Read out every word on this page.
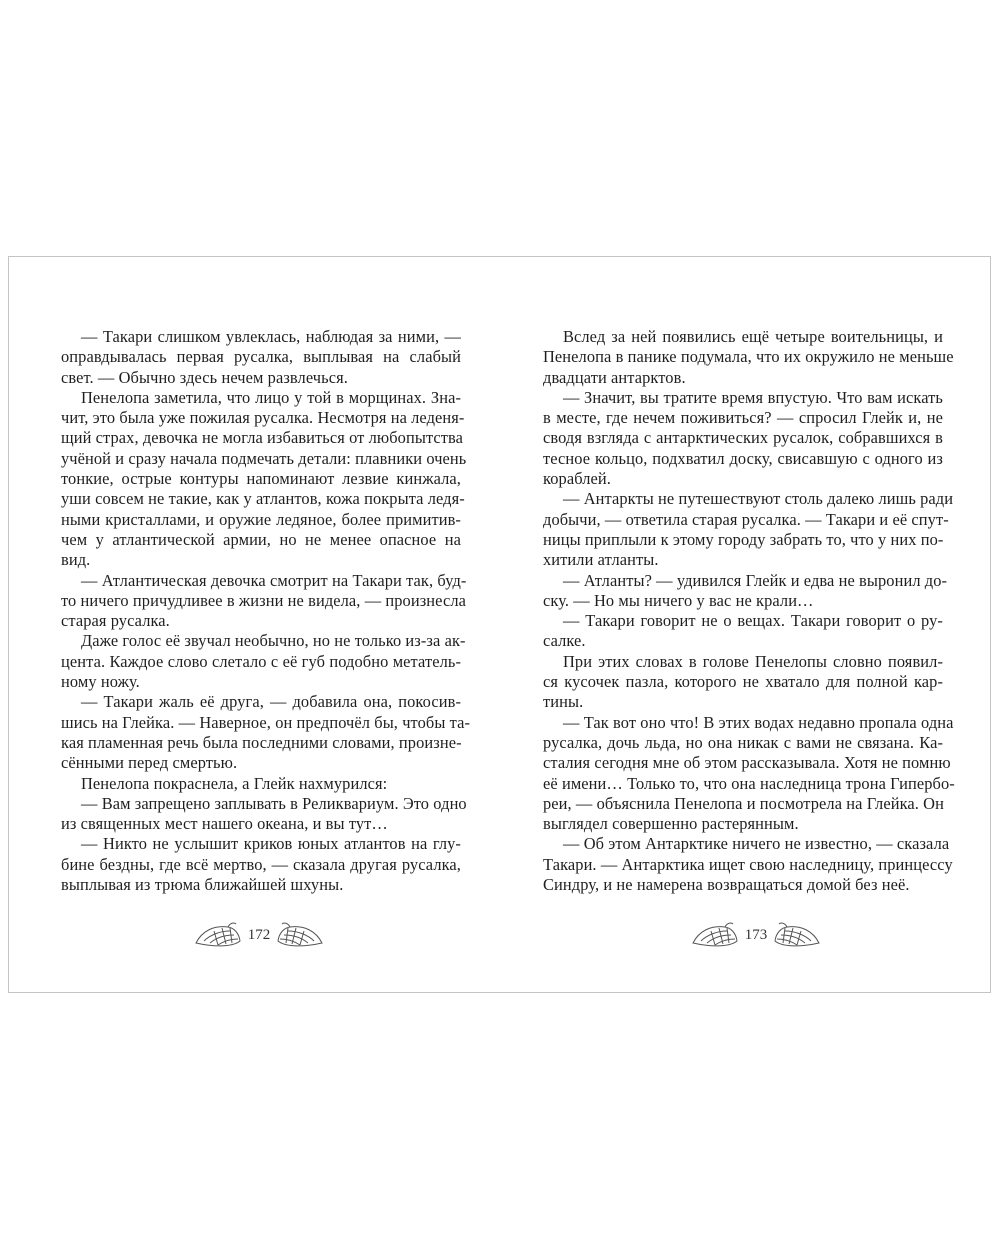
— Такари слишком увлеклась, наблюдая за ними, —
оправдывалась первая русалка, выплывая на слабый
свет. — Обычно здесь нечем развлечься.
Пенелопа заметила, что лицо у той в морщинах. Зна-
чит, это была уже пожилая русалка. Несмотря на леденя-
щий страх, девочка не могла избавиться от любопытства
учёной и сразу начала подмечать детали: плавники очень
тонкие, острые контуры напоминают лезвие кинжала,
уши совсем не такие, как у атлантов, кожа покрыта ледя-
ными кристаллами, и оружие ледяное, более примитив-
чем у атлантической армии, но не менее опасное на
вид.
— Атлантическая девочка смотрит на Такари так, буд-
то ничего причудливее в жизни не видела, — произнесла
старая русалка.
Даже голос её звучал необычно, но не только из-за ак-
цента. Каждое слово слетало с её губ подобно метатель-
ному ножу.
— Такари жаль её друга, — добавила она, покосив-
шись на Глейка. — Наверное, он предпочёл бы, чтобы та-
кая пламенная речь была последними словами, произне-
сёнными перед смертью.
Пенелопа покраснела, а Глейк нахмурился:
— Вам запрещено заплывать в Реликвариум. Это одно
из священных мест нашего океана, и вы тут…
— Никто не услышит криков юных атлантов на глу-
бине бездны, где всё мертво, — сказала другая русалка,
выплывая из трюма ближайшей шхуны.
Вслед за ней появились ещё четыре воительницы, и
Пенелопа в панике подумала, что их окружило не меньше
двадцати антарктов.
— Значит, вы тратите время впустую. Что вам искать
в месте, где нечем поживиться? — спросил Глейк и, не
сводя взгляда с антарктических русалок, собравшихся в
тесное кольцо, подхватил доску, свисавшую с одного из
кораблей.
— Антаркты не путешествуют столь далеко лишь ради
добычи, — ответила старая русалка. — Такари и её спут-
ницы приплыли к этому городу забрать то, что у них по-
хитили атланты.
— Атланты? — удивился Глейк и едва не выронил до-
ску. — Но мы ничего у вас не крали…
— Такари говорит не о вещах. Такари говорит о ру-
салке.
При этих словах в голове Пенелопы словно появил-
ся кусочек пазла, которого не хватало для полной кар-
тины.
— Так вот оно что! В этих водах недавно пропала одна
русалка, дочь льда, но она никак с вами не связана. Ка-
сталия сегодня мне об этом рассказывала. Хотя не помню
её имени… Только то, что она наследница трона Гипербо-
реи, — объяснила Пенелопа и посмотрела на Глейка. Он
выглядел совершенно растерянным.
— Об этом Антарктике ничего не известно, — сказала
Такари. — Антарктика ищет свою наследницу, принцессу
Синдру, и не намерена возвращаться домой без неё.
172	173
